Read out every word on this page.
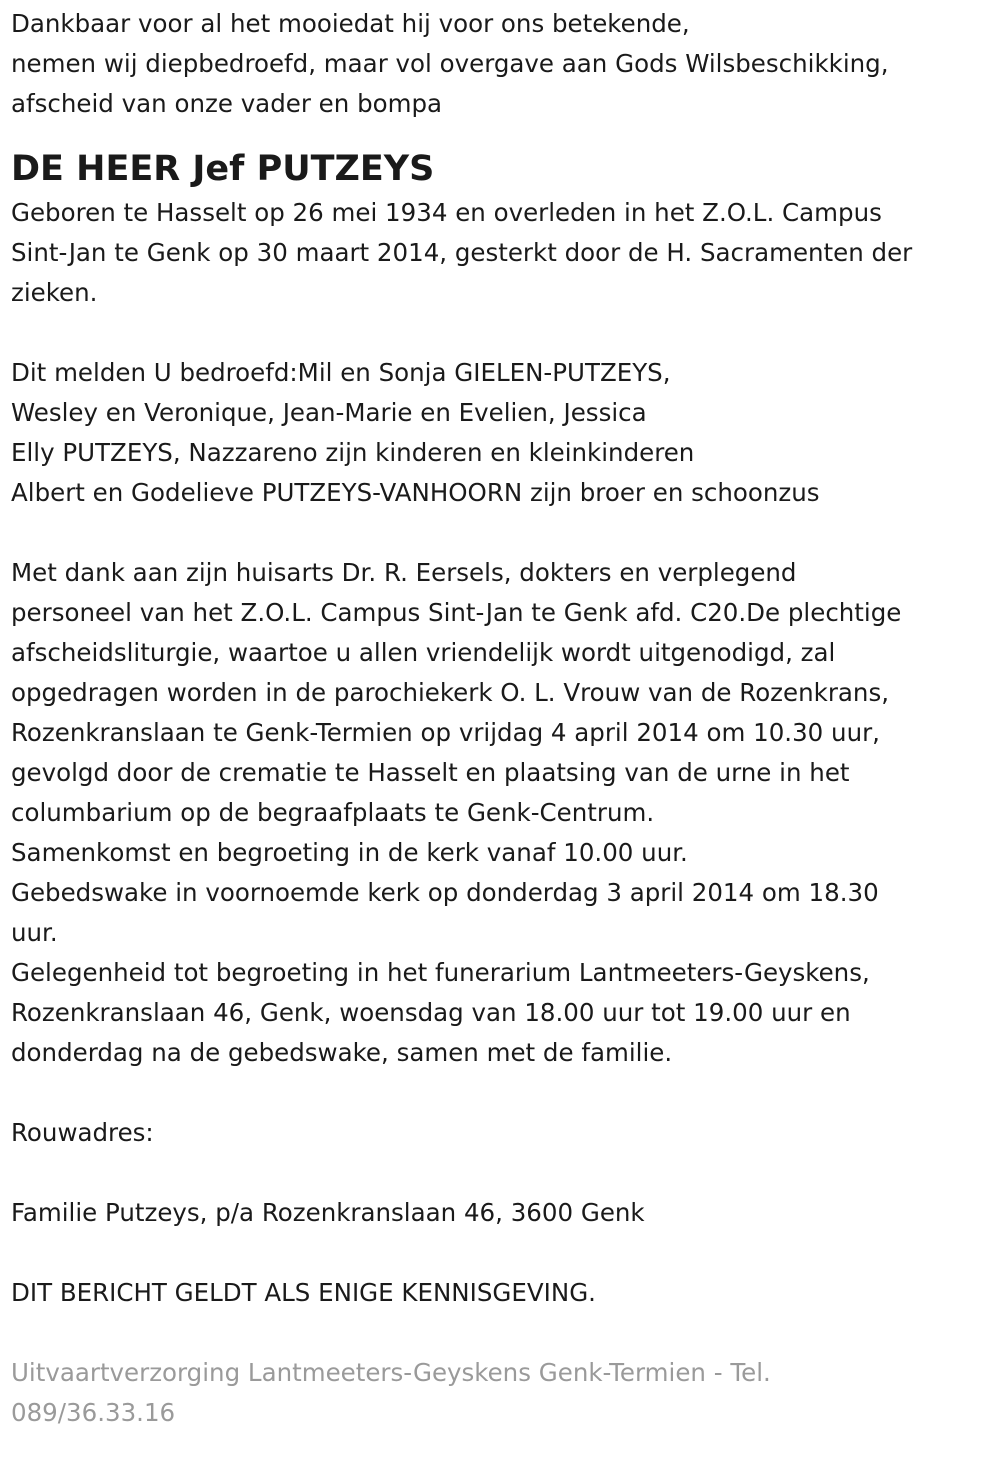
Dankbaar voor al het mooiedat hij voor ons betekende,
nemen wij diepbedroefd, maar vol overgave aan Gods Wilsbeschikking,
afscheid van onze vader en bompa
DE HEER Jef PUTZEYS
Geboren te Hasselt op 26 mei 1934 en overleden in het Z.O.L. Campus
Sint-Jan te Genk op 30 maart 2014, gesterkt door de H. Sacramenten der
zieken.
Dit melden U bedroefd:Mil en Sonja GIELEN-PUTZEYS,
Wesley en Veronique, Jean-Marie en Evelien, Jessica
Elly PUTZEYS, Nazzareno zijn kinderen en kleinkinderen
Albert en Godelieve PUTZEYS-VANHOORN zijn broer en schoonzus
Met dank aan zijn huisarts Dr. R. Eersels, dokters en verplegend
personeel van het Z.O.L. Campus Sint-Jan te Genk afd. C20.De plechtige
afscheidsliturgie, waartoe u allen vriendelijk wordt uitgenodigd, zal
opgedragen worden in de parochiekerk O. L. Vrouw van de Rozenkrans,
Rozenkranslaan te Genk-Termien op vrijdag 4 april 2014 om 10.30 uur,
gevolgd door de crematie te Hasselt en plaatsing van de urne in het
columbarium op de begraafplaats te Genk-Centrum.
Samenkomst en begroeting in de kerk vanaf 10.00 uur.
Gebedswake in voornoemde kerk op donderdag 3 april 2014 om 18.30
uur.
Gelegenheid tot begroeting in het funerarium Lantmeeters-Geyskens,
Rozenkranslaan 46, Genk, woensdag van 18.00 uur tot 19.00 uur en
donderdag na de gebedswake, samen met de familie.
Rouwadres:
Familie Putzeys, p/a Rozenkranslaan 46, 3600 Genk
DIT BERICHT GELDT ALS ENIGE KENNISGEVING.
Uitvaartverzorging Lantmeeters-Geyskens Genk-Termien - Tel.
089/36.33.16
